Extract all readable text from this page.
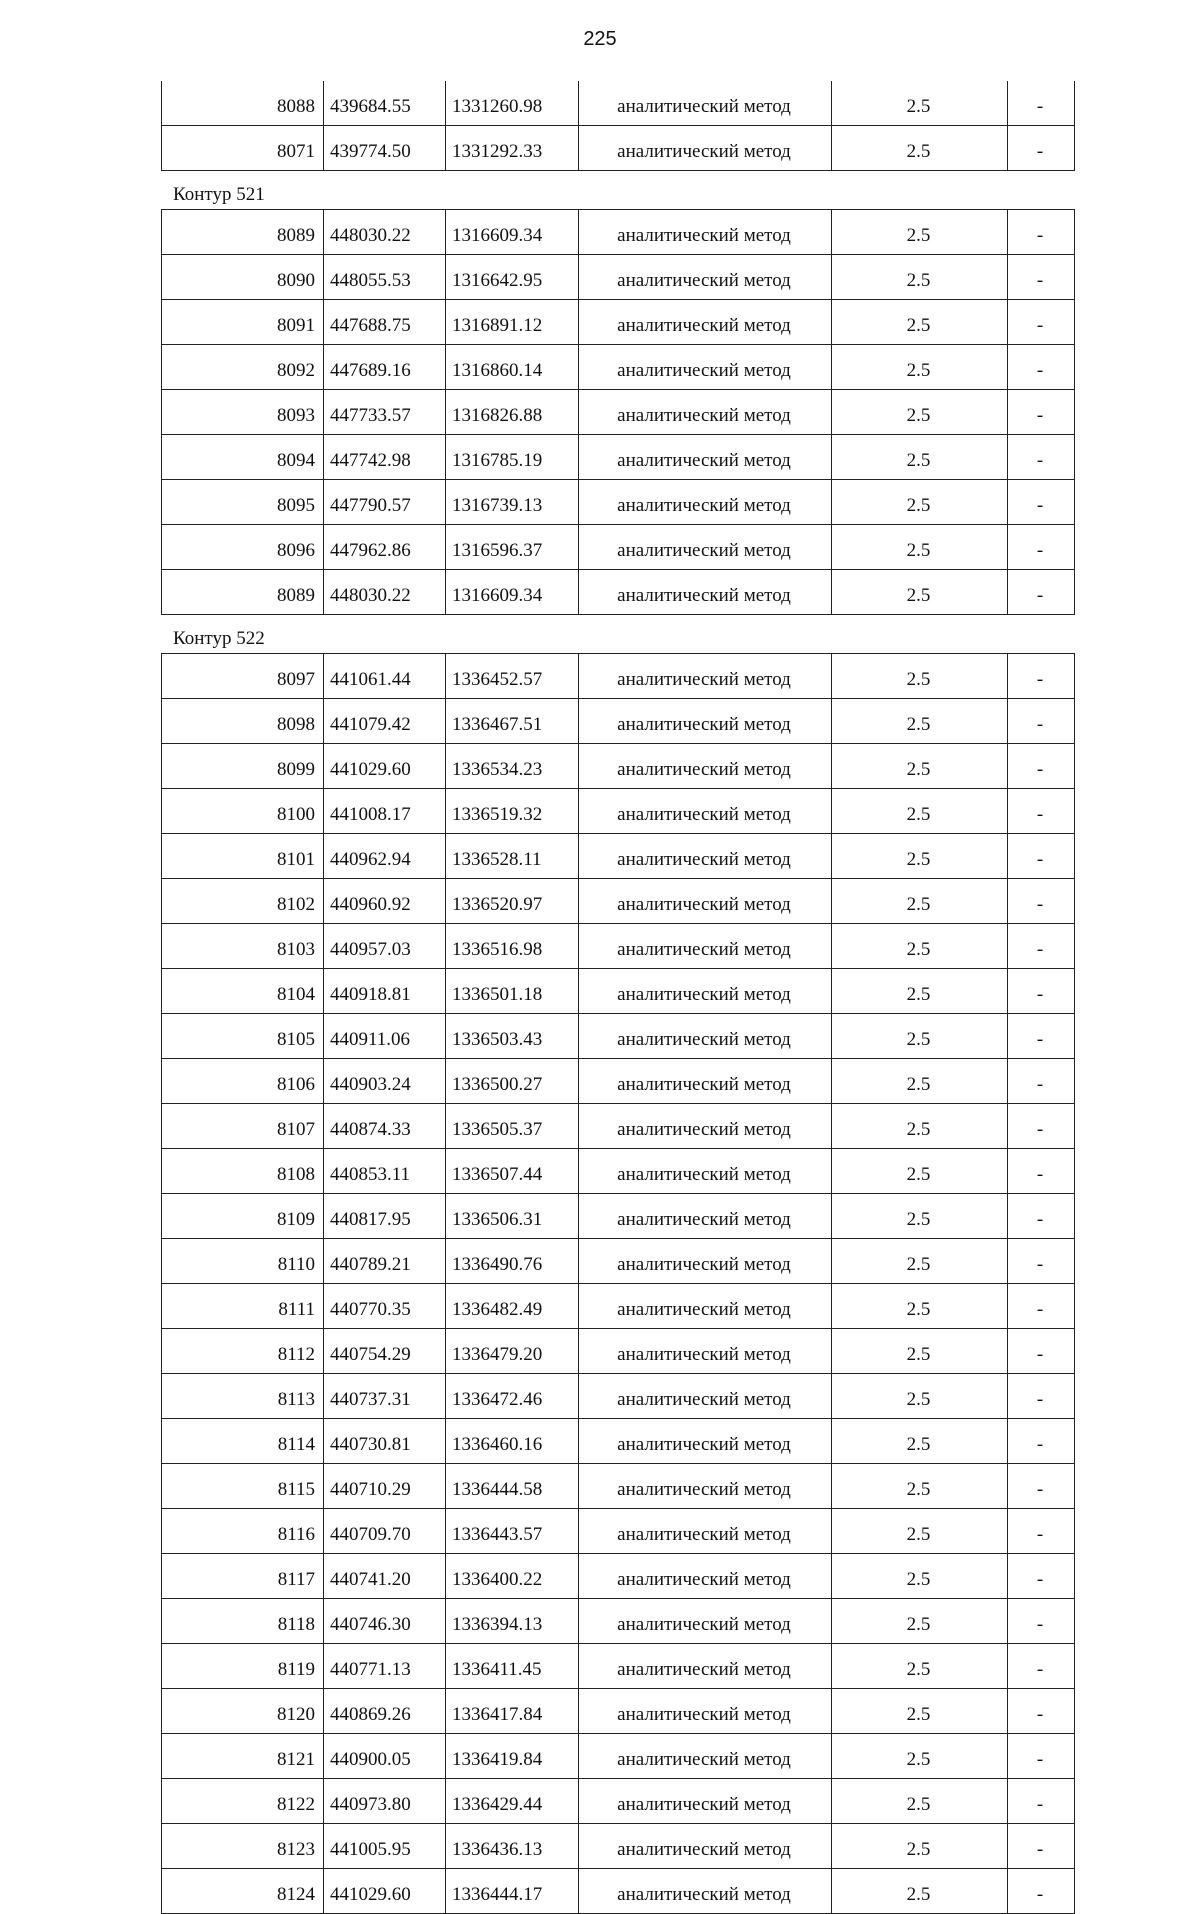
225
8088	439684.55	1331260.98	аналитический метод	2.5	-
8071	439774.50	1331292.33	аналитический метод	2.5	-
Контур 521
8089	448030.22	1316609.34	аналитический метод	2.5	-
8090	448055.53	1316642.95	аналитический метод	2.5	-
8091	447688.75	1316891.12	аналитический метод	2.5	-
8092	447689.16	1316860.14	аналитический метод	2.5	-
8093	447733.57	1316826.88	аналитический метод	2.5	-
8094	447742.98	1316785.19	аналитический метод	2.5	-
8095	447790.57	1316739.13	аналитический метод	2.5	-
8096	447962.86	1316596.37	аналитический метод	2.5	-
8089	448030.22	1316609.34	аналитический метод	2.5	-
Контур 522
8097	441061.44	1336452.57	аналитический метод	2.5	-
8098	441079.42	1336467.51	аналитический метод	2.5	-
8099	441029.60	1336534.23	аналитический метод	2.5	-
8100	441008.17	1336519.32	аналитический метод	2.5	-
8101	440962.94	1336528.11	аналитический метод	2.5	-
8102	440960.92	1336520.97	аналитический метод	2.5	-
8103	440957.03	1336516.98	аналитический метод	2.5	-
8104	440918.81	1336501.18	аналитический метод	2.5	-
8105	440911.06	1336503.43	аналитический метод	2.5	-
8106	440903.24	1336500.27	аналитический метод	2.5	-
8107	440874.33	1336505.37	аналитический метод	2.5	-
8108	440853.11	1336507.44	аналитический метод	2.5	-
8109	440817.95	1336506.31	аналитический метод	2.5	-
8110	440789.21	1336490.76	аналитический метод	2.5	-
8111	440770.35	1336482.49	аналитический метод	2.5	-
8112	440754.29	1336479.20	аналитический метод	2.5	-
8113	440737.31	1336472.46	аналитический метод	2.5	-
8114	440730.81	1336460.16	аналитический метод	2.5	-
8115	440710.29	1336444.58	аналитический метод	2.5	-
8116	440709.70	1336443.57	аналитический метод	2.5	-
8117	440741.20	1336400.22	аналитический метод	2.5	-
8118	440746.30	1336394.13	аналитический метод	2.5	-
8119	440771.13	1336411.45	аналитический метод	2.5	-
8120	440869.26	1336417.84	аналитический метод	2.5	-
8121	440900.05	1336419.84	аналитический метод	2.5	-
8122	440973.80	1336429.44	аналитический метод	2.5	-
8123	441005.95	1336436.13	аналитический метод	2.5	-
8124	441029.60	1336444.17	аналитический метод	2.5	-
